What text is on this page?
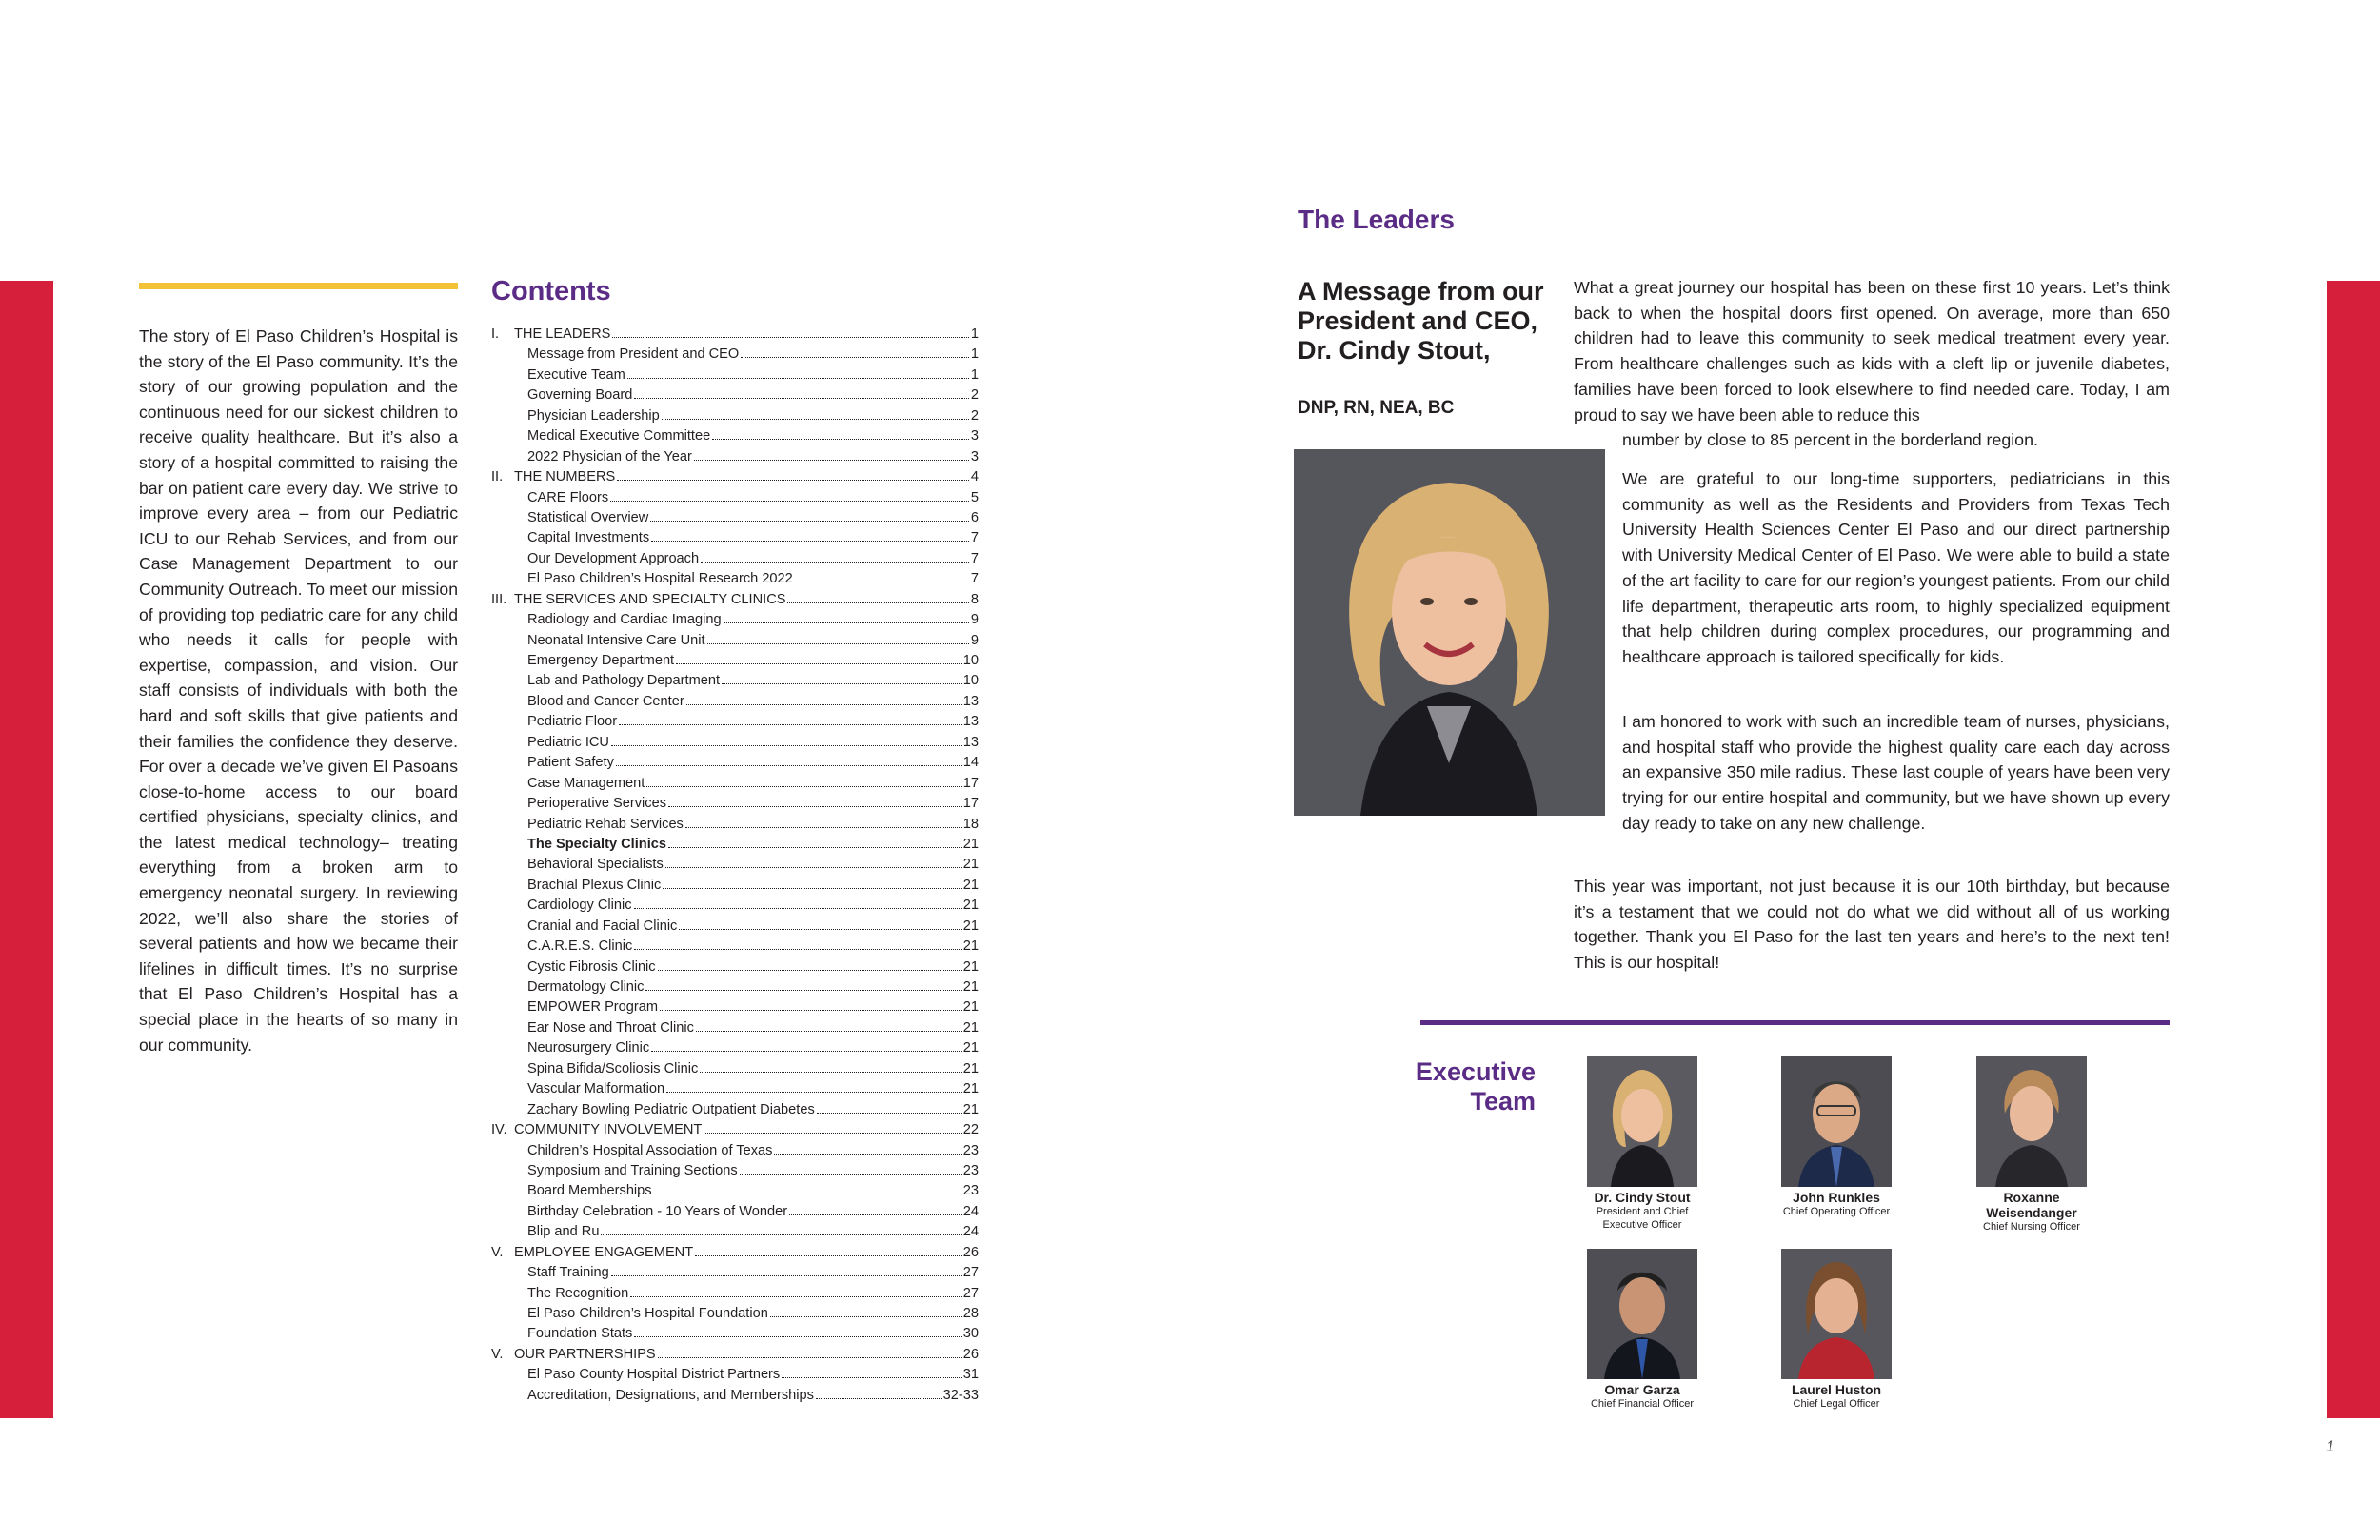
The story of El Paso Children’s Hospital is the story of the El Paso community. It’s the story of our growing population and the continuous need for our sickest children to receive quality healthcare. But it’s also a story of a hospital committed to raising the bar on patient care every day. We strive to improve every area – from our Pediatric ICU to our Rehab Services, and from our Case Management Department to our Community Outreach. To meet our mission of providing top pediatric care for any child who needs it calls for people with expertise, compassion, and vision. Our staff consists of individuals with both the hard and soft skills that give patients and their families the confidence they deserve. For over a decade we’ve given El Pasoans close-to-home access to our board certified physicians, specialty clinics, and the latest medical technology– treating everything from a broken arm to emergency neonatal surgery. In reviewing 2022, we’ll also share the stories of several patients and how we became their lifelines in difficult times. It’s no surprise that El Paso Children’s Hospital has a special place in the hearts of so many in our community.
Contents
I.	THE LEADERS	1
Message from President and CEO	1
Executive Team	1
Governing Board	2
Physician Leadership	2
Medical Executive Committee	3
2022 Physician of the Year	3
II. THE NUMBERS	4
CARE Floors	5
Statistical Overview	6
Capital Investments	7
Our Development Approach	7
El Paso Children’s Hospital Research 2022	7
III. THE SERVICES AND SPECIALTY CLINICS	8
Radiology and Cardiac Imaging	9
Neonatal Intensive Care Unit	9
Emergency Department	10
Lab and Pathology Department	10
Blood and Cancer Center	13
Pediatric Floor	13
Pediatric ICU	13
Patient Safety	14
Case Management	17
Perioperative Services	17
Pediatric Rehab Services	18
The Specialty Clinics	21
Behavioral Specialists	21
Brachial Plexus Clinic	21
Cardiology Clinic	21
Cranial and Facial Clinic	21
C.A.R.E.S. Clinic	21
Cystic Fibrosis Clinic	21
Dermatology Clinic	21
EMPOWER Program	21
Ear Nose and Throat Clinic	21
Neurosurgery Clinic	21
Spina Bifida/Scoliosis Clinic	21
Vascular Malformation	21
Zachary Bowling Pediatric Outpatient Diabetes	21
IV. COMMUNITY INVOLVEMENT	22
Children’s Hospital Association of Texas	23
Symposium and Training Sections	23
Board Memberships	23
Birthday Celebration - 10 Years of Wonder	24
Blip and Ru	24
V. EMPLOYEE ENGAGEMENT	26
Staff Training	27
The Recognition	27
El Paso Children’s Hospital Foundation	28
Foundation Stats	30
V. OUR PARTNERSHIPS	26
El Paso County Hospital District Partners	31
Accreditation, Designations, and Memberships	32-33
The Leaders
A Message from our President and CEO, Dr. Cindy Stout,
DNP, RN, NEA, BC
What a great journey our hospital has been on these first 10 years. Let’s think back to when the hospital doors first opened. On average, more than 650 children had to leave this community to seek medical treatment every year. From healthcare challenges such as kids with a cleft lip or juvenile diabetes, families have been forced to look elsewhere to find needed care. Today, I am proud to say we have been able to reduce this
number by close to 85 percent in the borderland region.
We are grateful to our long-time supporters, pediatricians in this community as well as the Residents and Providers from Texas Tech University Health Sciences Center El Paso and our direct partnership with University Medical Center of El Paso. We were able to build a state of the art facility to care for our region’s youngest patients. From our child life department, therapeutic arts room, to highly specialized equipment that help children during complex procedures, our programming and healthcare approach is tailored specifically for kids.
I am honored to work with such an incredible team of nurses, physicians, and hospital staff who provide the highest quality care each day across an expansive 350 mile radius. These last couple of years have been very trying for our entire hospital and community, but we have shown up every day ready to take on any new challenge.
This year was important, not just because it is our 10th birthday, but because it’s a testament that we could not do what we did without all of us working together. Thank you El Paso for the last ten years and here’s to the next ten! This is our hospital!
Executive Team
Dr. Cindy Stout
President and Chief Executive Officer
John Runkles
Chief Operating Officer
Roxanne Weisendanger
Chief Nursing Officer
Omar Garza
Chief Financial Officer
Laurel Huston
Chief Legal Officer
1
